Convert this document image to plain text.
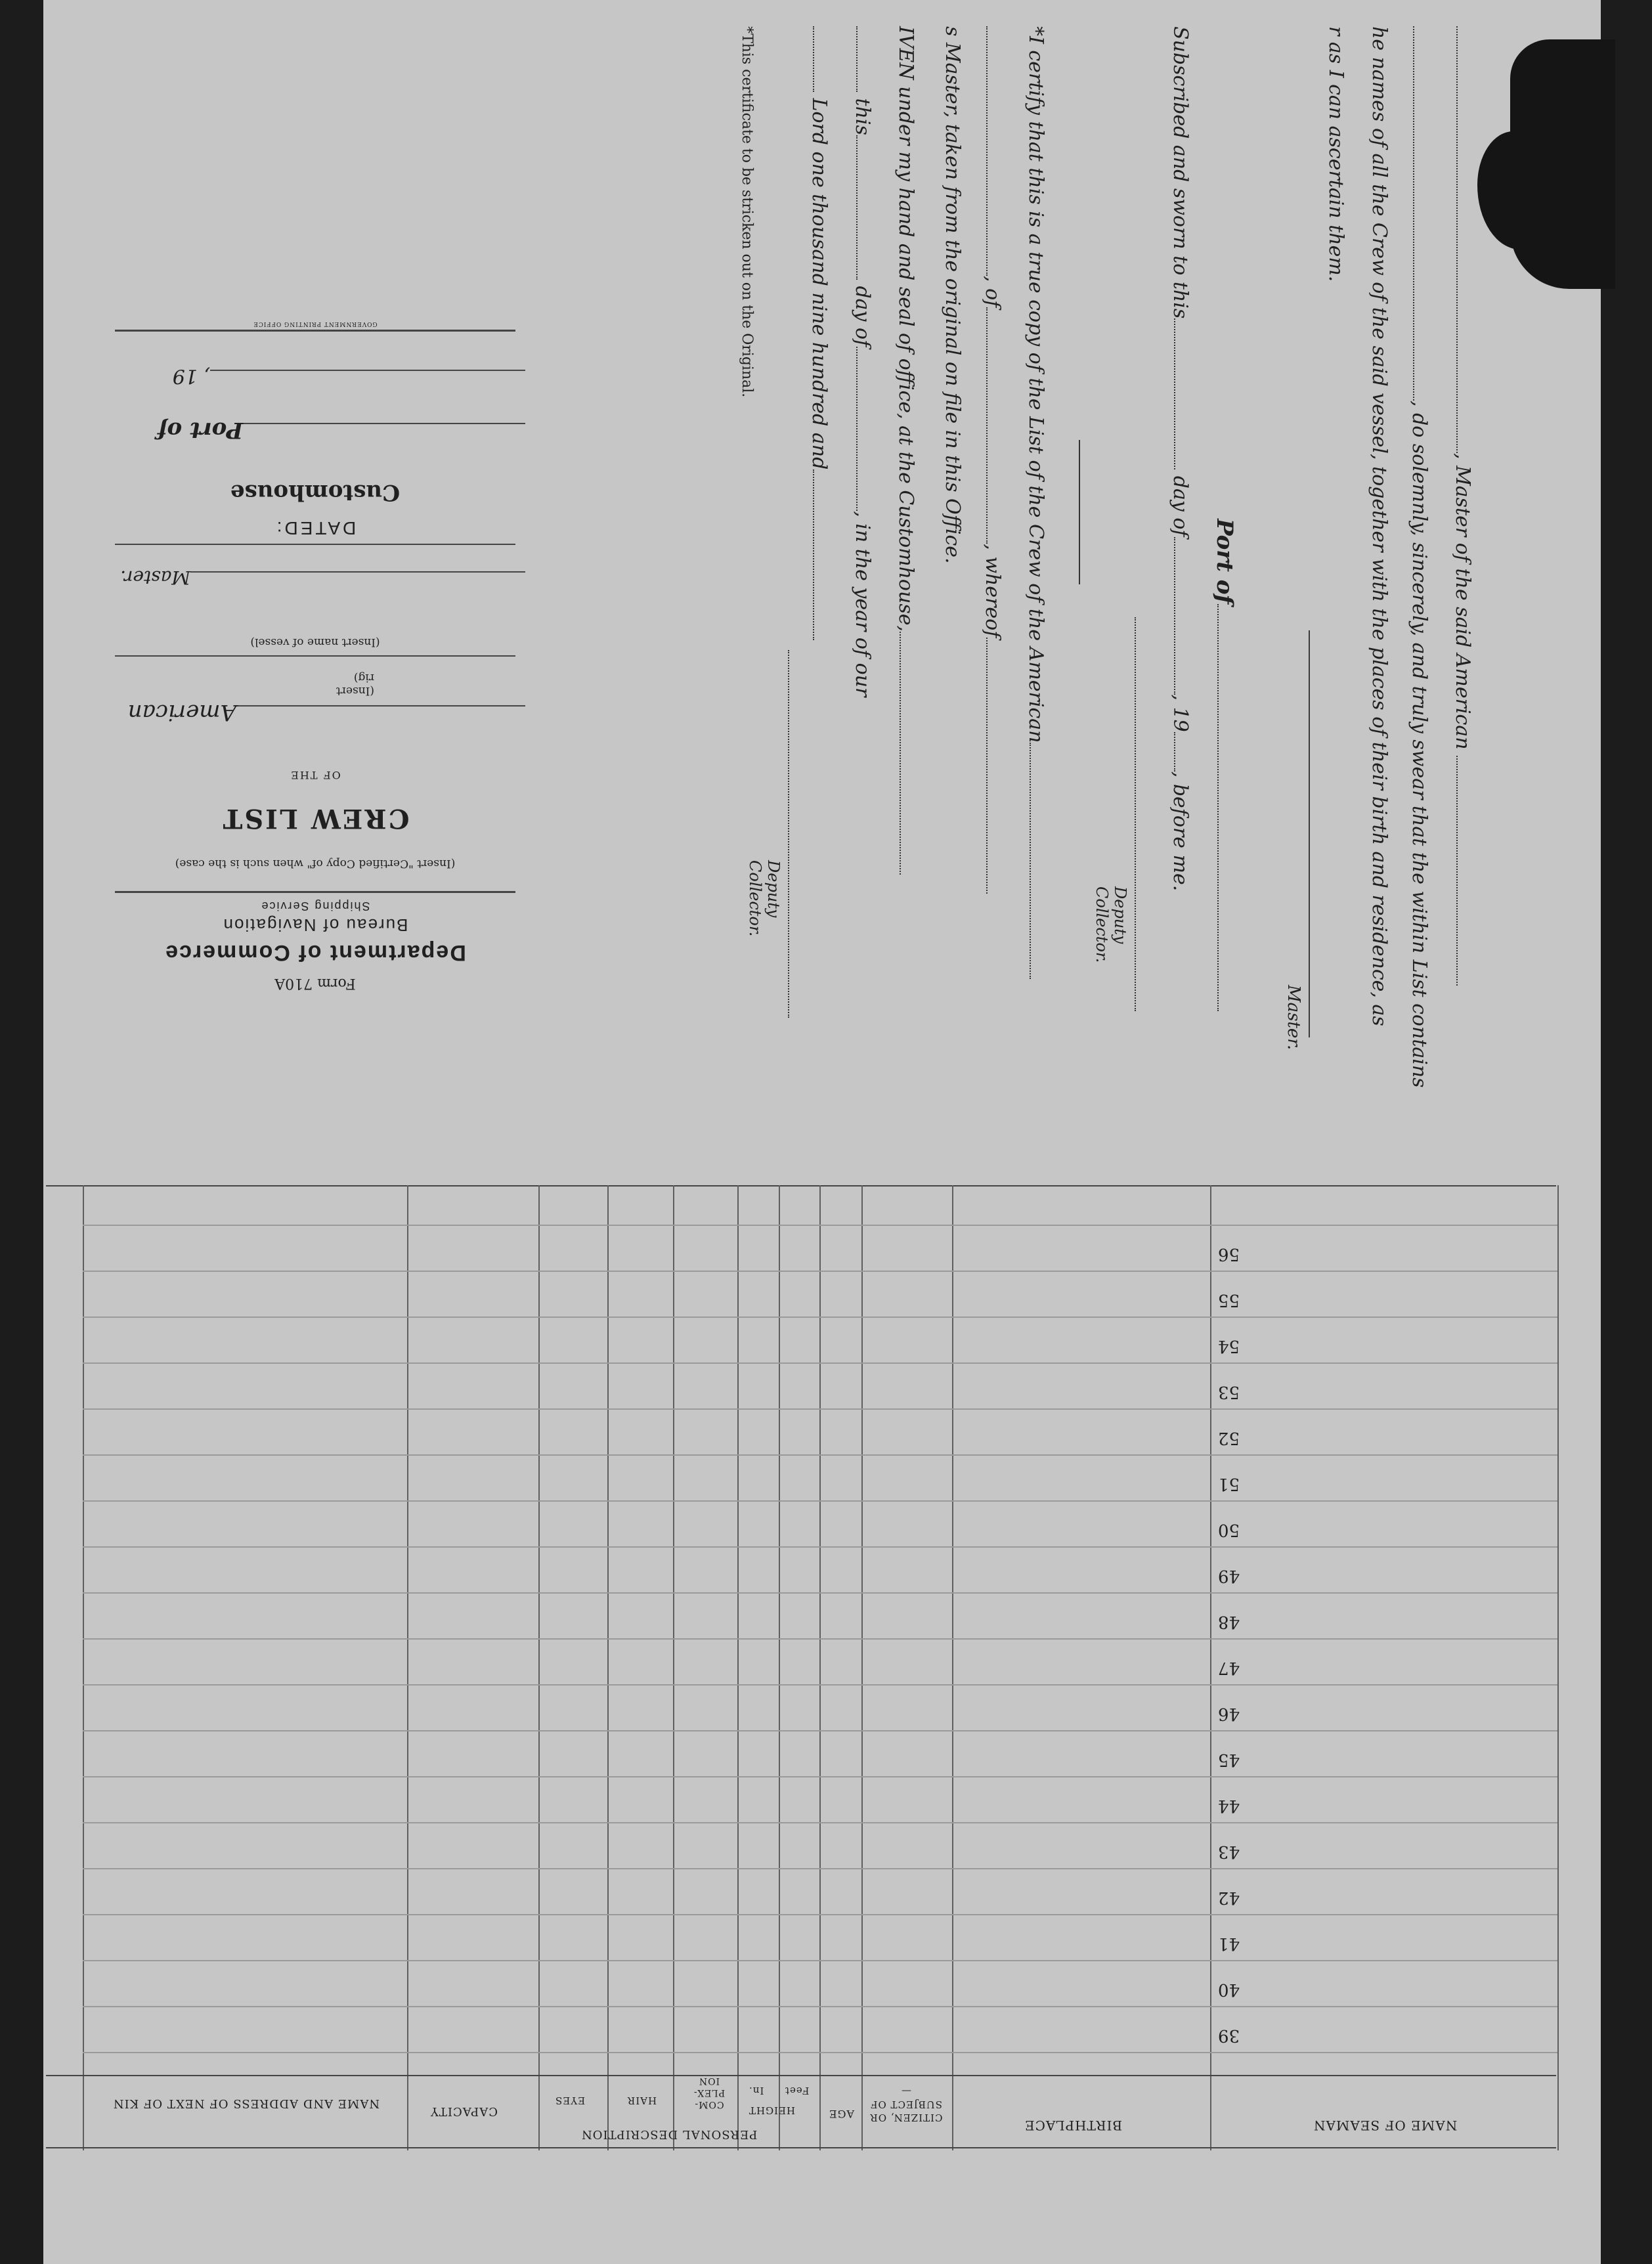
, Master of the said American
, do solemnly, sincerely, and truly swear that the within List contains
he names of all the Crew of the said vessel, together with the places of their birth and residence, as
r as I can ascertain them.
Master.
Port of
Subscribed and sworn to this day of, 19, before me.
Deputy Collector.
*I certify that this is a true copy of the List of the Crew of the American
, of, whereof
s Master, taken from the original on file in this Office.
IVEN under my hand and seal of office, at the Customhouse,
this day of, in the year of our
Lord one thousand nine hundred and
Deputy Collector.
*This certificate to be stricken out on the Original.
Form 710A
Department of Commerce
Bureau of Navigation
Shipping Service
(Insert "Certified Copy of" when such is the case)
CREW LIST
OF THE
American
(Insert rig)
(Insert name of vessel)
Master.
DATED:
Customhouse
Port of
, 19
GOVERNMENT PRINTING OFFICE
39
40
41
42
43
44
45
46
47
48
49
50
51
52
53
54
55
56
NAME OF SEAMAN
BIRTHPLACE
CITIZEN, OR SUBJECT OF—
AGE
PERSONAL DESCRIPTION
HEIGHT
Feet
In.
COM- PLEX- ION
HAIR
EYES
CAPACITY
NAME AND ADDRESS OF NEXT OF KIN
